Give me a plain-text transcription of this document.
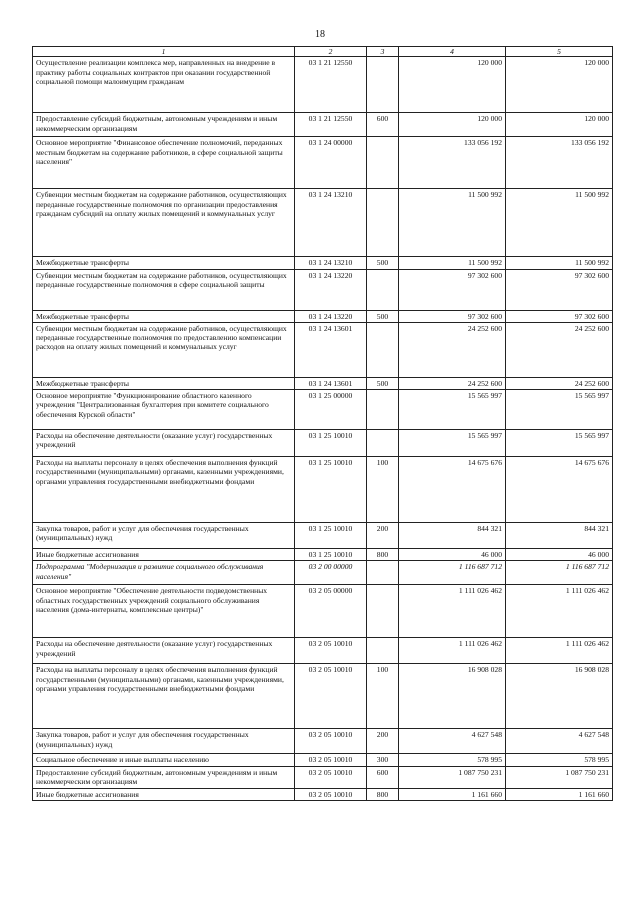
18
1	2	3	4	5
Осуществление реализации комплекса мер, направленных на внедрение в практику работы социальных контрактов при оказании государственной социальной помощи малоимущим гражданам	03 1 21 12550		120 000	120 000
Предоставление субсидий бюджетным, автономным учреждениям и иным некоммерческим организациям	03 1 21 12550	600	120 000	120 000
Основное мероприятие "Финансовое обеспечение полномочий, переданных местным бюджетам на содержание работников, в сфере социальной защиты населения"	03 1 24 00000		133 056 192	133 056 192
Субвенции местным бюджетам на содержание работников, осуществляющих переданные государственные полномочия по организации предоставления гражданам субсидий на оплату жилых помещений и коммунальных услуг	03 1 24 13210		11 500 992	11 500 992
Межбюджетные трансферты	03 1 24 13210	500	11 500 992	11 500 992
Субвенции местным бюджетам на содержание работников, осуществляющих переданные государственные полномочия в сфере социальной защиты	03 1 24 13220		97 302 600	97 302 600
Межбюджетные трансферты	03 1 24 13220	500	97 302 600	97 302 600
Субвенции местным бюджетам на содержание работников, осуществляющих переданные государственные полномочия по предоставлению компенсации расходов на оплату жилых помещений и коммунальных услуг	03 1 24 13601		24 252 600	24 252 600
Межбюджетные трансферты	03 1 24 13601	500	24 252 600	24 252 600
Основное мероприятие "Функционирование областного казенного учреждения "Централизованная бухгалтерия при комитете социального обеспечения Курской области"	03 1 25 00000		15 565 997	15 565 997
Расходы на обеспечение деятельности (оказание услуг) государственных учреждений	03 1 25 10010		15 565 997	15 565 997
Расходы на выплаты персоналу в целях обеспечения выполнения функций государственными (муниципальными) органами, казенными учреждениями, органами управления государственными внебюджетными фондами	03 1 25 10010	100	14 675 676	14 675 676
Закупка товаров, работ и услуг для обеспечения государственных (муниципальных) нужд	03 1 25 10010	200	844 321	844 321
Иные бюджетные ассигнования	03 1 25 10010	800	46 000	46 000
Подпрограмма "Модернизация и развитие социального обслуживания населения"	03 2 00 00000		1 116 687 712	1 116 687 712
Основное мероприятие "Обеспечение деятельности подведомственных областных государственных учреждений социального обслуживания населения (дома-интернаты, комплексные центры)"	03 2 05 00000		1 111 026 462	1 111 026 462
Расходы на обеспечение деятельности (оказание услуг) государственных учреждений	03 2 05 10010		1 111 026 462	1 111 026 462
Расходы на выплаты персоналу в целях обеспечения выполнения функций государственными (муниципальными) органами, казенными учреждениями, органами управления государственными внебюджетными фондами	03 2 05 10010	100	16 908 028	16 908 028
Закупка товаров, работ и услуг для обеспечения государственных (муниципальных) нужд	03 2 05 10010	200	4 627 548	4 627 548
Социальное обеспечение и иные выплаты населению	03 2 05 10010	300	578 995	578 995
Предоставление субсидий бюджетным, автономным учреждениям и иным некоммерческим организациям	03 2 05 10010	600	1 087 750 231	1 087 750 231
Иные бюджетные ассигнования	03 2 05 10010	800	1 161 660	1 161 660
